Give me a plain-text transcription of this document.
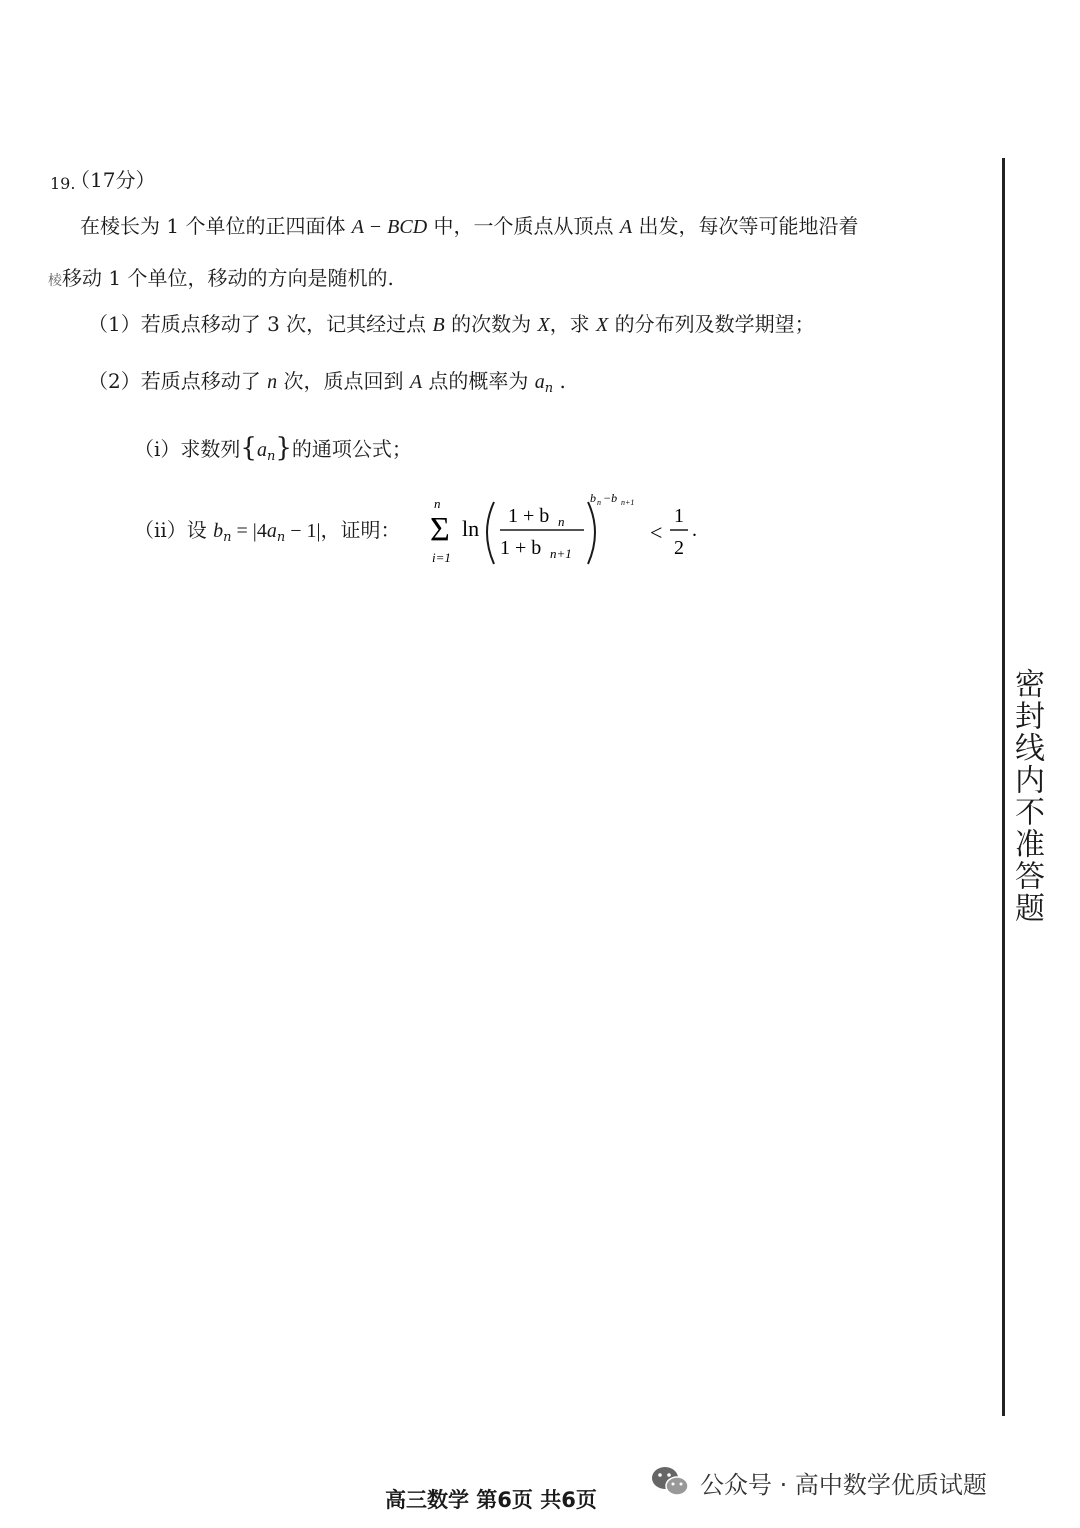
19.
（17分）
在棱长为 1 个单位的正四面体 A − BCD 中，一个质点从顶点 A 出发，每次等可能地沿着
棱移动 1 个单位，移动的方向是随机的.
（1）若质点移动了 3 次，记其经过点 B 的次数为 X，求 X 的分布列及数学期望；
（2）若质点移动了 n 次，质点回到 A 点的概率为 $a_n$ .
（i）求数列$\{a_n\}$的通项公式；
（ii）设 $b_n = |4a_n - 1|$，证明：
n
Σ
i=1
ln 1 + b n
1 + b n+1
b n −b n+1
<
1
2
.
密封线内不准答题
高三数学 第6页 共6页
公众号 · 高中数学优质试题
